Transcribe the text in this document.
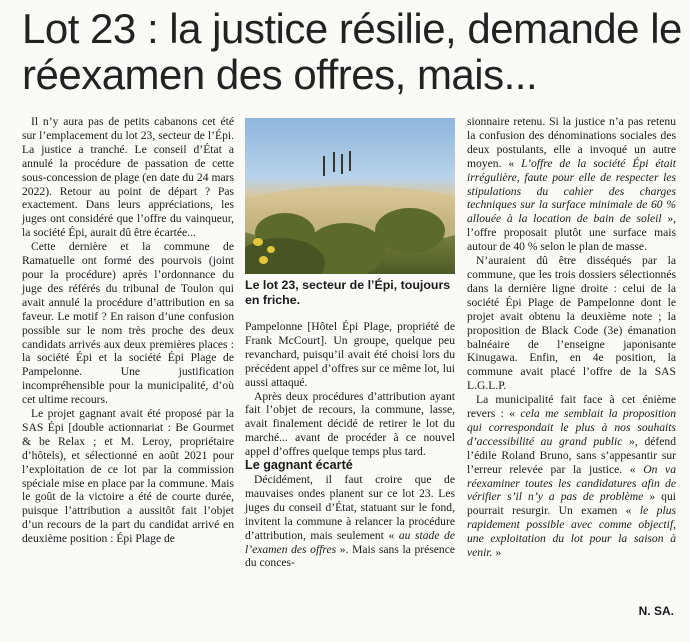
Lot 23 : la justice résilie, demande le réexamen des offres, mais...

Il n’y aura pas de petits cabanons cet été sur l’emplacement du lot 23, secteur de l’Épi. La justice a tranché. Le conseil d’État a annulé la procédure de passation de cette sous-concession de plage (en date du 24 mars 2022). Retour au point de départ ? Pas exactement. Dans leurs appréciations, les juges ont considéré que l’offre du vainqueur, la société Épi, aurait dû être écartée...

Cette dernière et la commune de Ramatuelle ont formé des pourvois (joint pour la procédure) après l’ordonnance du juge des référés du tribunal de Toulon qui avait annulé la procédure d’attribution en sa faveur. Le motif ? En raison d’une confusion possible sur le nom très proche des deux candidats arrivés aux deux premières places : la société Épi et la société Épi Plage de Pampelonne. Une justification incompréhensible pour la municipalité, d’où cet ultime recours.

Le projet gagnant avait été proposé par la SAS Épi [double actionnariat : Be Gourmet & be Relax ; et M. Leroy, propriétaire d’hôtels), et sélectionné en août 2021 pour l’exploitation de ce lot par la commission spéciale mise en place par la commune. Mais le goût de la victoire a été de courte durée, puisque l’attribution a aussitôt fait l’objet d’un recours de la part du candidat arrivé en deuxième position : Épi Plage de

Le lot 23, secteur de l’Épi, toujours en friche.

Pampelonne [Hôtel Épi Plage, propriété de Frank McCourt]. Un groupe, quelque peu revanchard, puisqu’il avait été choisi lors du précédent appel d’offres sur ce même lot, lui aussi attaqué.

Après deux procédures d’attribution ayant fait l’objet de recours, la commune, lasse, avait finalement décidé de retirer le lot du marché... avant de procéder à ce nouvel appel d’offres quelque temps plus tard.

Le gagnant écarté

Décidément, il faut croire que de mauvaises ondes planent sur ce lot 23. Les juges du conseil d’État, statuant sur le fond, invitent la commune à relancer la procédure d’attribution, mais seulement « au stade de l’examen des offres ». Mais sans la présence du conces-

sionnaire retenu. Si la justice n’a pas retenu la confusion des dénominations sociales des deux postulants, elle a invoqué un autre moyen. « L’offre de la société Épi était irrégulière, faute pour elle de respecter les stipulations du cahier des charges techniques sur la surface minimale de 60 % allouée à la location de bain de soleil », l’offre proposait plutôt une surface mais autour de 40 % selon le plan de masse.

N’auraient dû être disséqués par la commune, que les trois dossiers sélectionnés dans la dernière ligne droite : celui de la société Épi Plage de Pampelonne dont le projet avait obtenu la deuxième note ; la proposition de Black Code (3e) émanation balnéaire de l’enseigne japonisante Kinugawa. Enfin, en 4e position, la commune avait placé l’offre de la SAS L.G.L.P.

La municipalité fait face à cet énième revers : « cela me semblait la proposition qui correspondait le plus à nos souhaits d’accessibilité au grand public », défend l’édile Roland Bruno, sans s’appesantir sur l’erreur relevée par la justice. « On va réexaminer toutes les candidatures afin de vérifier s’il n’y a pas de problème » qui pourrait resurgir. Un examen « le plus rapidement possible avec comme objectif, une exploitation du lot pour la saison à venir. »

N. SA.
